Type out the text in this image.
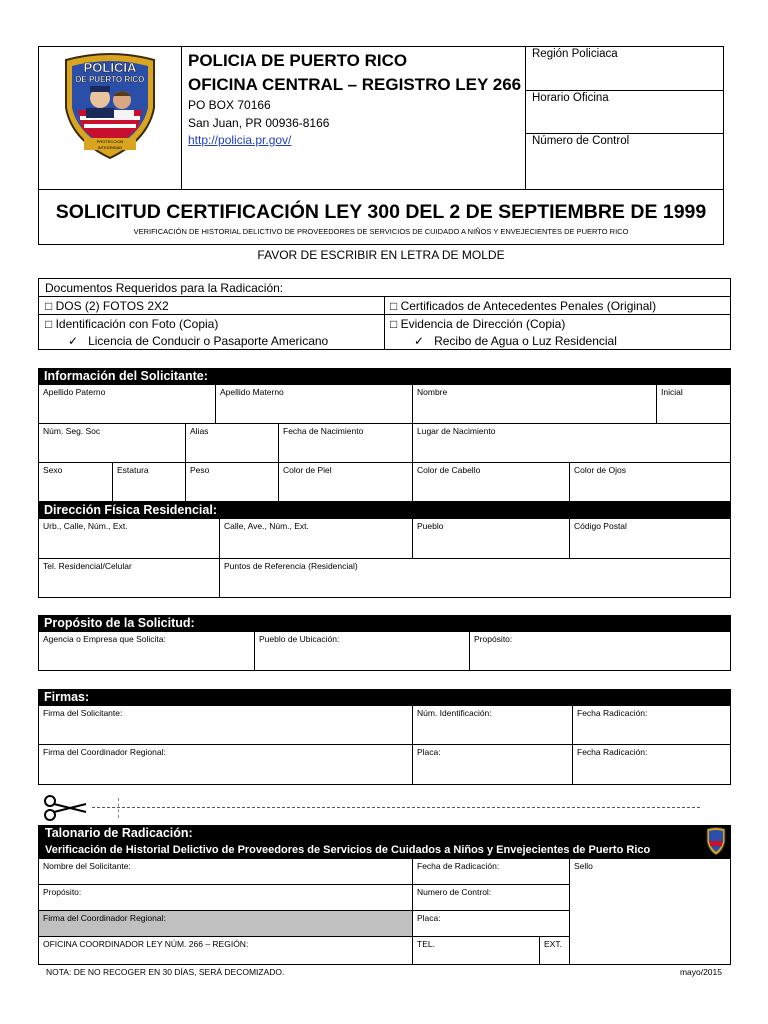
POLICIA
DE PUERTO RICO
PROTECCION
INTEGRIDAD
POLICIA DE PUERTO RICO
OFICINA CENTRAL – REGISTRO LEY 266
PO BOX 70166
San Juan, PR 00936-8166
http://policia.pr.gov/
Región Policiaca
Horario Oficina
Número de Control
SOLICITUD CERTIFICACIÓN LEY 300 DEL 2 DE SEPTIEMBRE DE 1999
VERIFICACIÓN DE HISTORIAL DELICTIVO DE PROVEEDORES DE SERVICIOS DE CUIDADO A NIÑOS Y ENVEJECIENTES DE PUERTO RICO
FAVOR DE ESCRIBIR EN LETRA DE MOLDE
Documentos Requeridos para la Radicación:
□ DOS (2) FOTOS 2X2	□ Certificados de Antecedentes Penales (Original)
□ Identificación con Foto (Copia)	□ Evidencia de Dirección (Copia)
✓ Licencia de Conducir o Pasaporte Americano	✓ Recibo de Agua o Luz Residencial
Información del Solicitante:
Apellido Paterno	Apellido Materno	Nombre	Inicial
Núm. Seg. Soc	Alias	Fecha de Nacimiento	Lugar de Nacimiento
Sexo	Estatura	Peso	Color de Piel	Color de Cabello	Color de Ojos
Dirección Física Residencial:
Urb., Calle, Núm., Ext.	Calle, Ave., Núm., Ext.	Pueblo	Código Postal
Tel. Residencial/Celular	Puntos de Referencia (Residencial)
Propósito de la Solicitud:
Agencia o Empresa que Solicita:	Pueblo de Ubicación:	Propósito:
Firmas:
Firma del Solicitante:	Núm. Identificación:	Fecha Radicación:
Firma del Coordinador Regional:	Placa:	Fecha Radicación:
Talonario de Radicación:
Verificación de Historial Delictivo de Proveedores de Servicios de Cuidados a Niños y Envejecientes de Puerto Rico
Nombre del Solicitante:	Fecha de Radicación:	Sello
Propósito:	Numero de Control:
Firma del Coordinador Regional:	Placa:
OFICINA COORDINADOR LEY NÚM. 266 – REGIÓN:	TEL.	EXT.
NOTA: DE NO RECOGER EN 30 DÍAS, SERÁ DECOMIZADO.	mayo/2015
